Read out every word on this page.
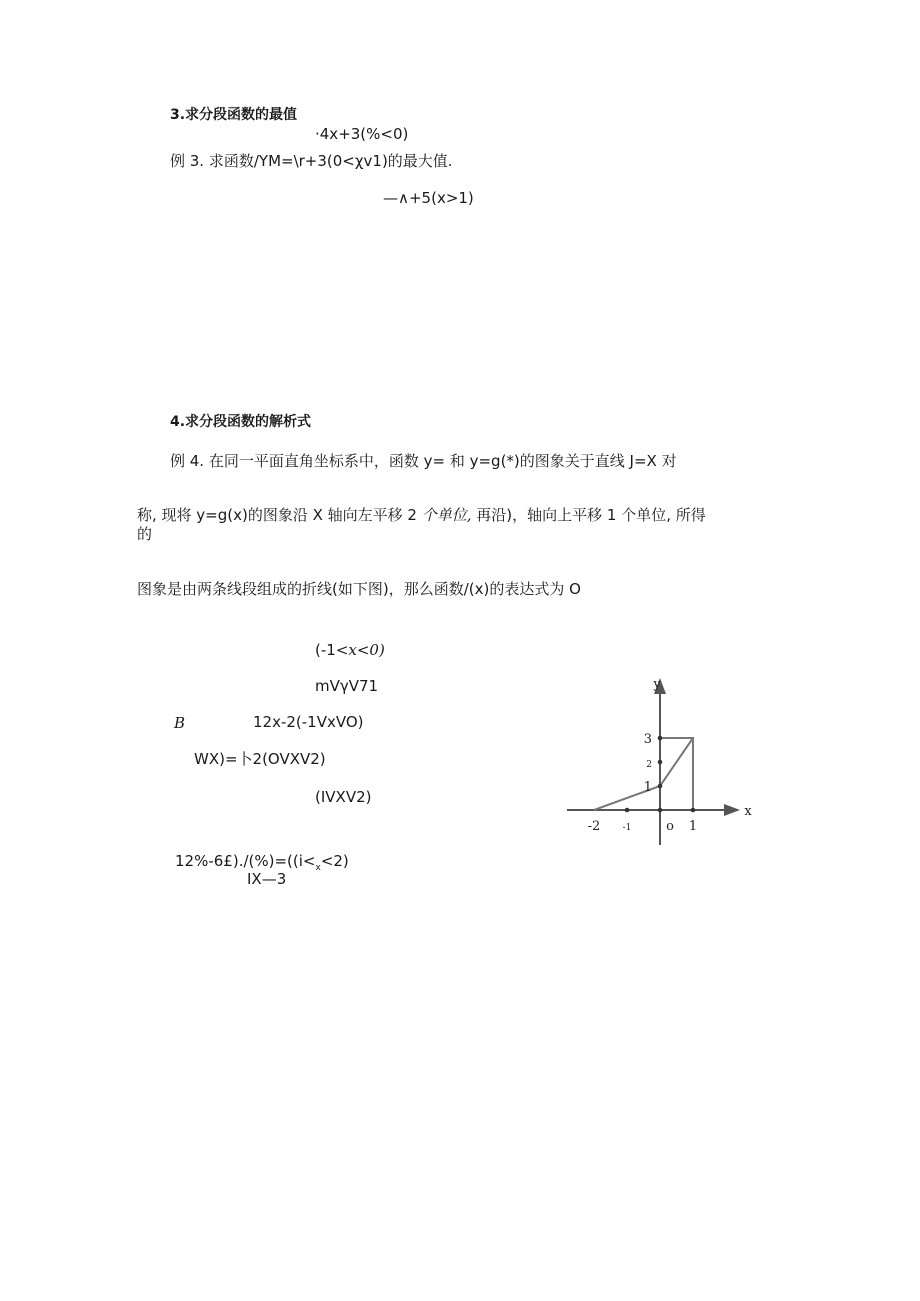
3.求分段函数的最值
·4x+3(%<0)
例 3. 求函数/YM=\r+3(0<χv1)的最大值.
—∧+5(x>1)
4.求分段函数的解析式
例 4. 在同一平面直角坐标系中，函数 y= 和 y=g(*)的图象关于直线 J=X 对
称, 现将 y=g(x)的图象沿 X 轴向左平移 2 个单位, 再沿)，轴向上平移 1 个单位, 所得
的
图象是由两条线段组成的折线(如下图)，那么函数/(x)的表达式为 O
(-1<x<0)
mVγV71
B	12x-2(-1VxVO)
WX)=卜2(OVXV2)
(IVXV2)
$12\%-6£)./(\%)=((i<_x<2)$
IX—3
-2 -1	o 1
1
2
3
x
y
